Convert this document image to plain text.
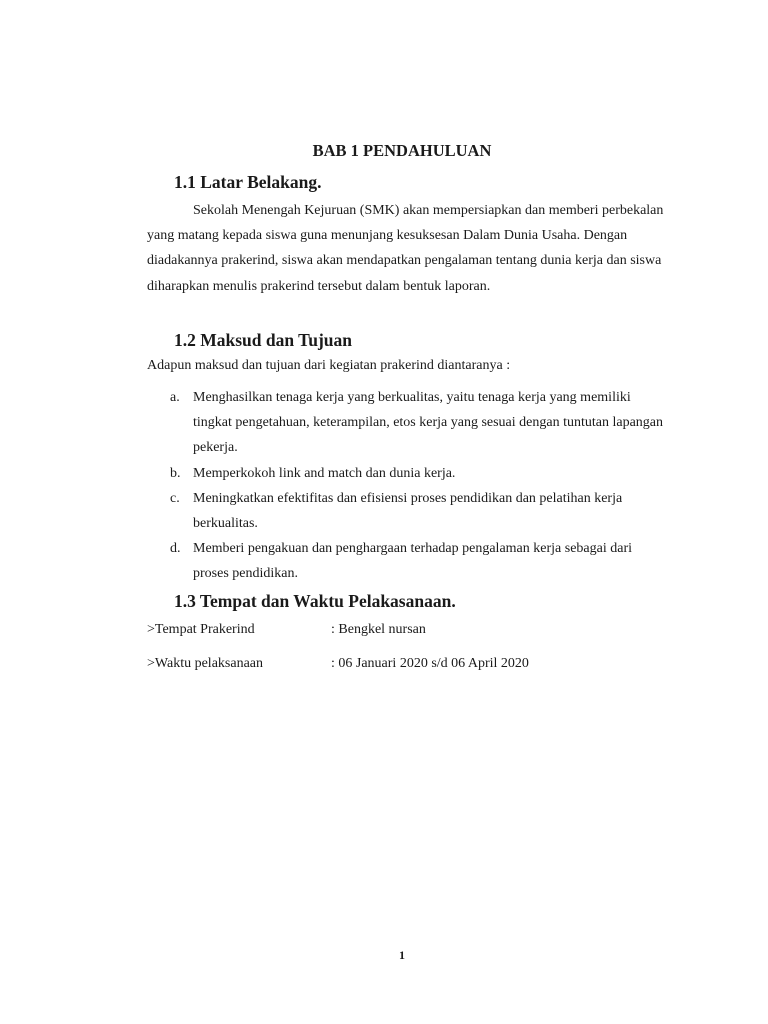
BAB 1 PENDAHULUAN
1.1 Latar Belakang.

Sekolah Menengah Kejuruan (SMK) akan mempersiapkan dan memberi perbekalan yang matang kepada siswa guna menunjang kesuksesan Dalam Dunia Usaha. Dengan diadakannya prakerind, siswa akan mendapatkan pengalaman tentang dunia kerja dan siswa diharapkan menulis prakerind tersebut dalam bentuk laporan.

1.2 Maksud dan Tujuan

Adapun maksud dan tujuan dari kegiatan prakerind diantaranya :

a. Menghasilkan tenaga kerja yang berkualitas, yaitu tenaga kerja yang memiliki tingkat pengetahuan, keterampilan, etos kerja yang sesuai dengan tuntutan lapangan pekerja.
b. Memperkokoh link and match dan dunia kerja.
c. Meningkatkan efektifitas dan efisiensi proses pendidikan dan pelatihan kerja berkualitas.
d. Memberi pengakuan dan penghargaan terhadap pengalaman kerja sebagai dari proses pendidikan.
1.3 Tempat dan Waktu Pelakasanaan.
>Tempat Prakerind	: Bengkel nursan
>Waktu pelaksanaan	: 06 Januari 2020 s/d 06 April 2020
1
